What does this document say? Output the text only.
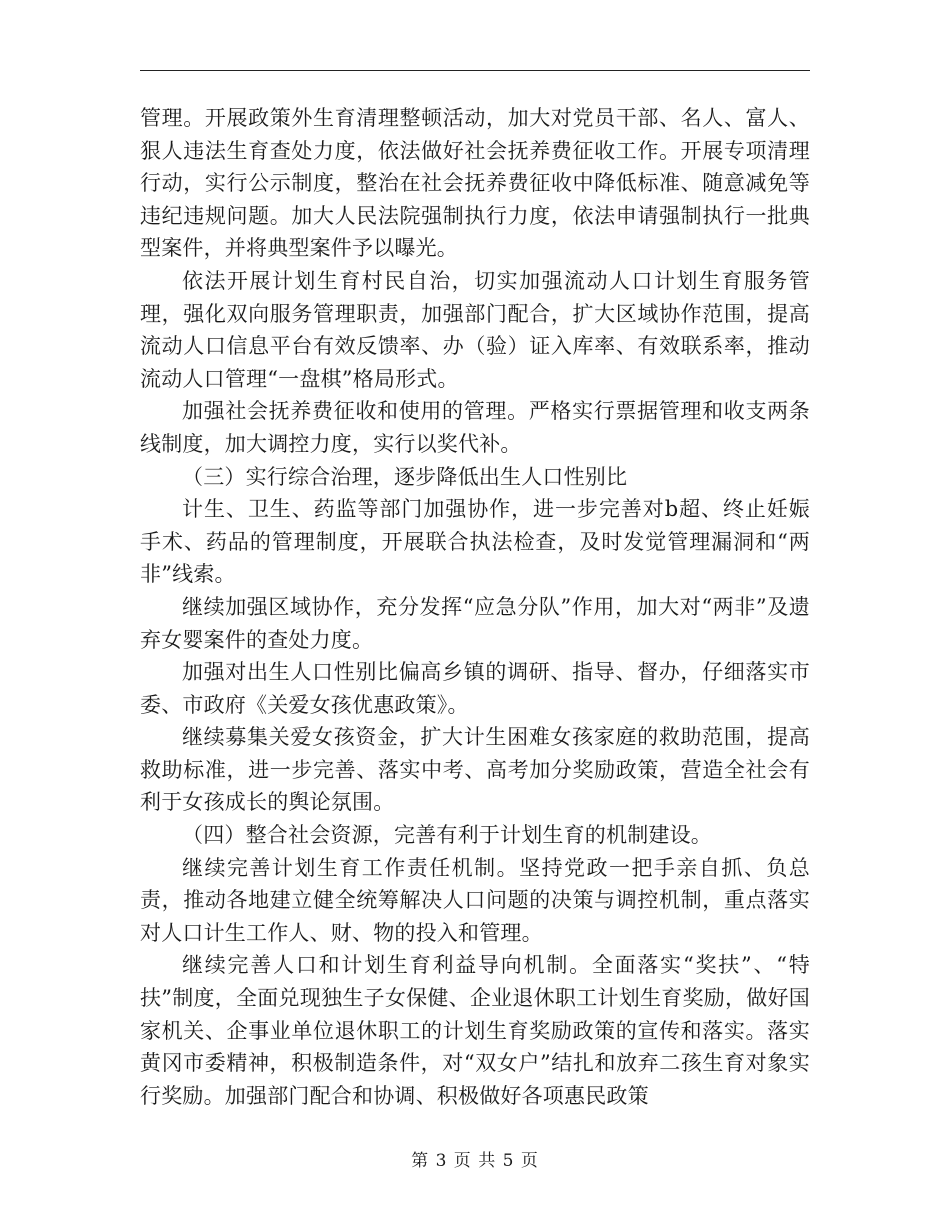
管理。开展政策外生育清理整顿活动，加大对党员干部、名人、富人、狠人违法生育查处力度，依法做好社会抚养费征收工作。开展专项清理行动，实行公示制度，整治在社会抚养费征收中降低标准、随意减免等违纪违规问题。加大人民法院强制执行力度，依法申请强制执行一批典型案件，并将典型案件予以曝光。

依法开展计划生育村民自治，切实加强流动人口计划生育服务管理，强化双向服务管理职责，加强部门配合，扩大区域协作范围，提高流动人口信息平台有效反馈率、办（验）证入库率、有效联系率，推动流动人口管理“一盘棋”格局形式。

加强社会抚养费征收和使用的管理。严格实行票据管理和收支两条线制度，加大调控力度，实行以奖代补。

（三）实行综合治理，逐步降低出生人口性别比

计生、卫生、药监等部门加强协作，进一步完善对b超、终止妊娠手术、药品的管理制度，开展联合执法检查，及时发觉管理漏洞和“两非”线索。

继续加强区域协作，充分发挥“应急分队”作用，加大对“两非”及遗弃女婴案件的查处力度。

加强对出生人口性别比偏高乡镇的调研、指导、督办，仔细落实市委、市政府《关爱女孩优惠政策》。

继续募集关爱女孩资金，扩大计生困难女孩家庭的救助范围，提高救助标准，进一步完善、落实中考、高考加分奖励政策，营造全社会有利于女孩成长的舆论氛围。

（四）整合社会资源，完善有利于计划生育的机制建设。

继续完善计划生育工作责任机制。坚持党政一把手亲自抓、负总责，推动各地建立健全统筹解决人口问题的决策与调控机制，重点落实对人口计生工作人、财、物的投入和管理。

继续完善人口和计划生育利益导向机制。全面落实“奖扶”、“特扶”制度，全面兑现独生子女保健、企业退休职工计划生育奖励，做好国家机关、企事业单位退休职工的计划生育奖励政策的宣传和落实。落实黄冈市委精神，积极制造条件，对“双女户”结扎和放弃二孩生育对象实行奖励。加强部门配合和协调、积极做好各项惠民政策

第 3 页 共 5 页
